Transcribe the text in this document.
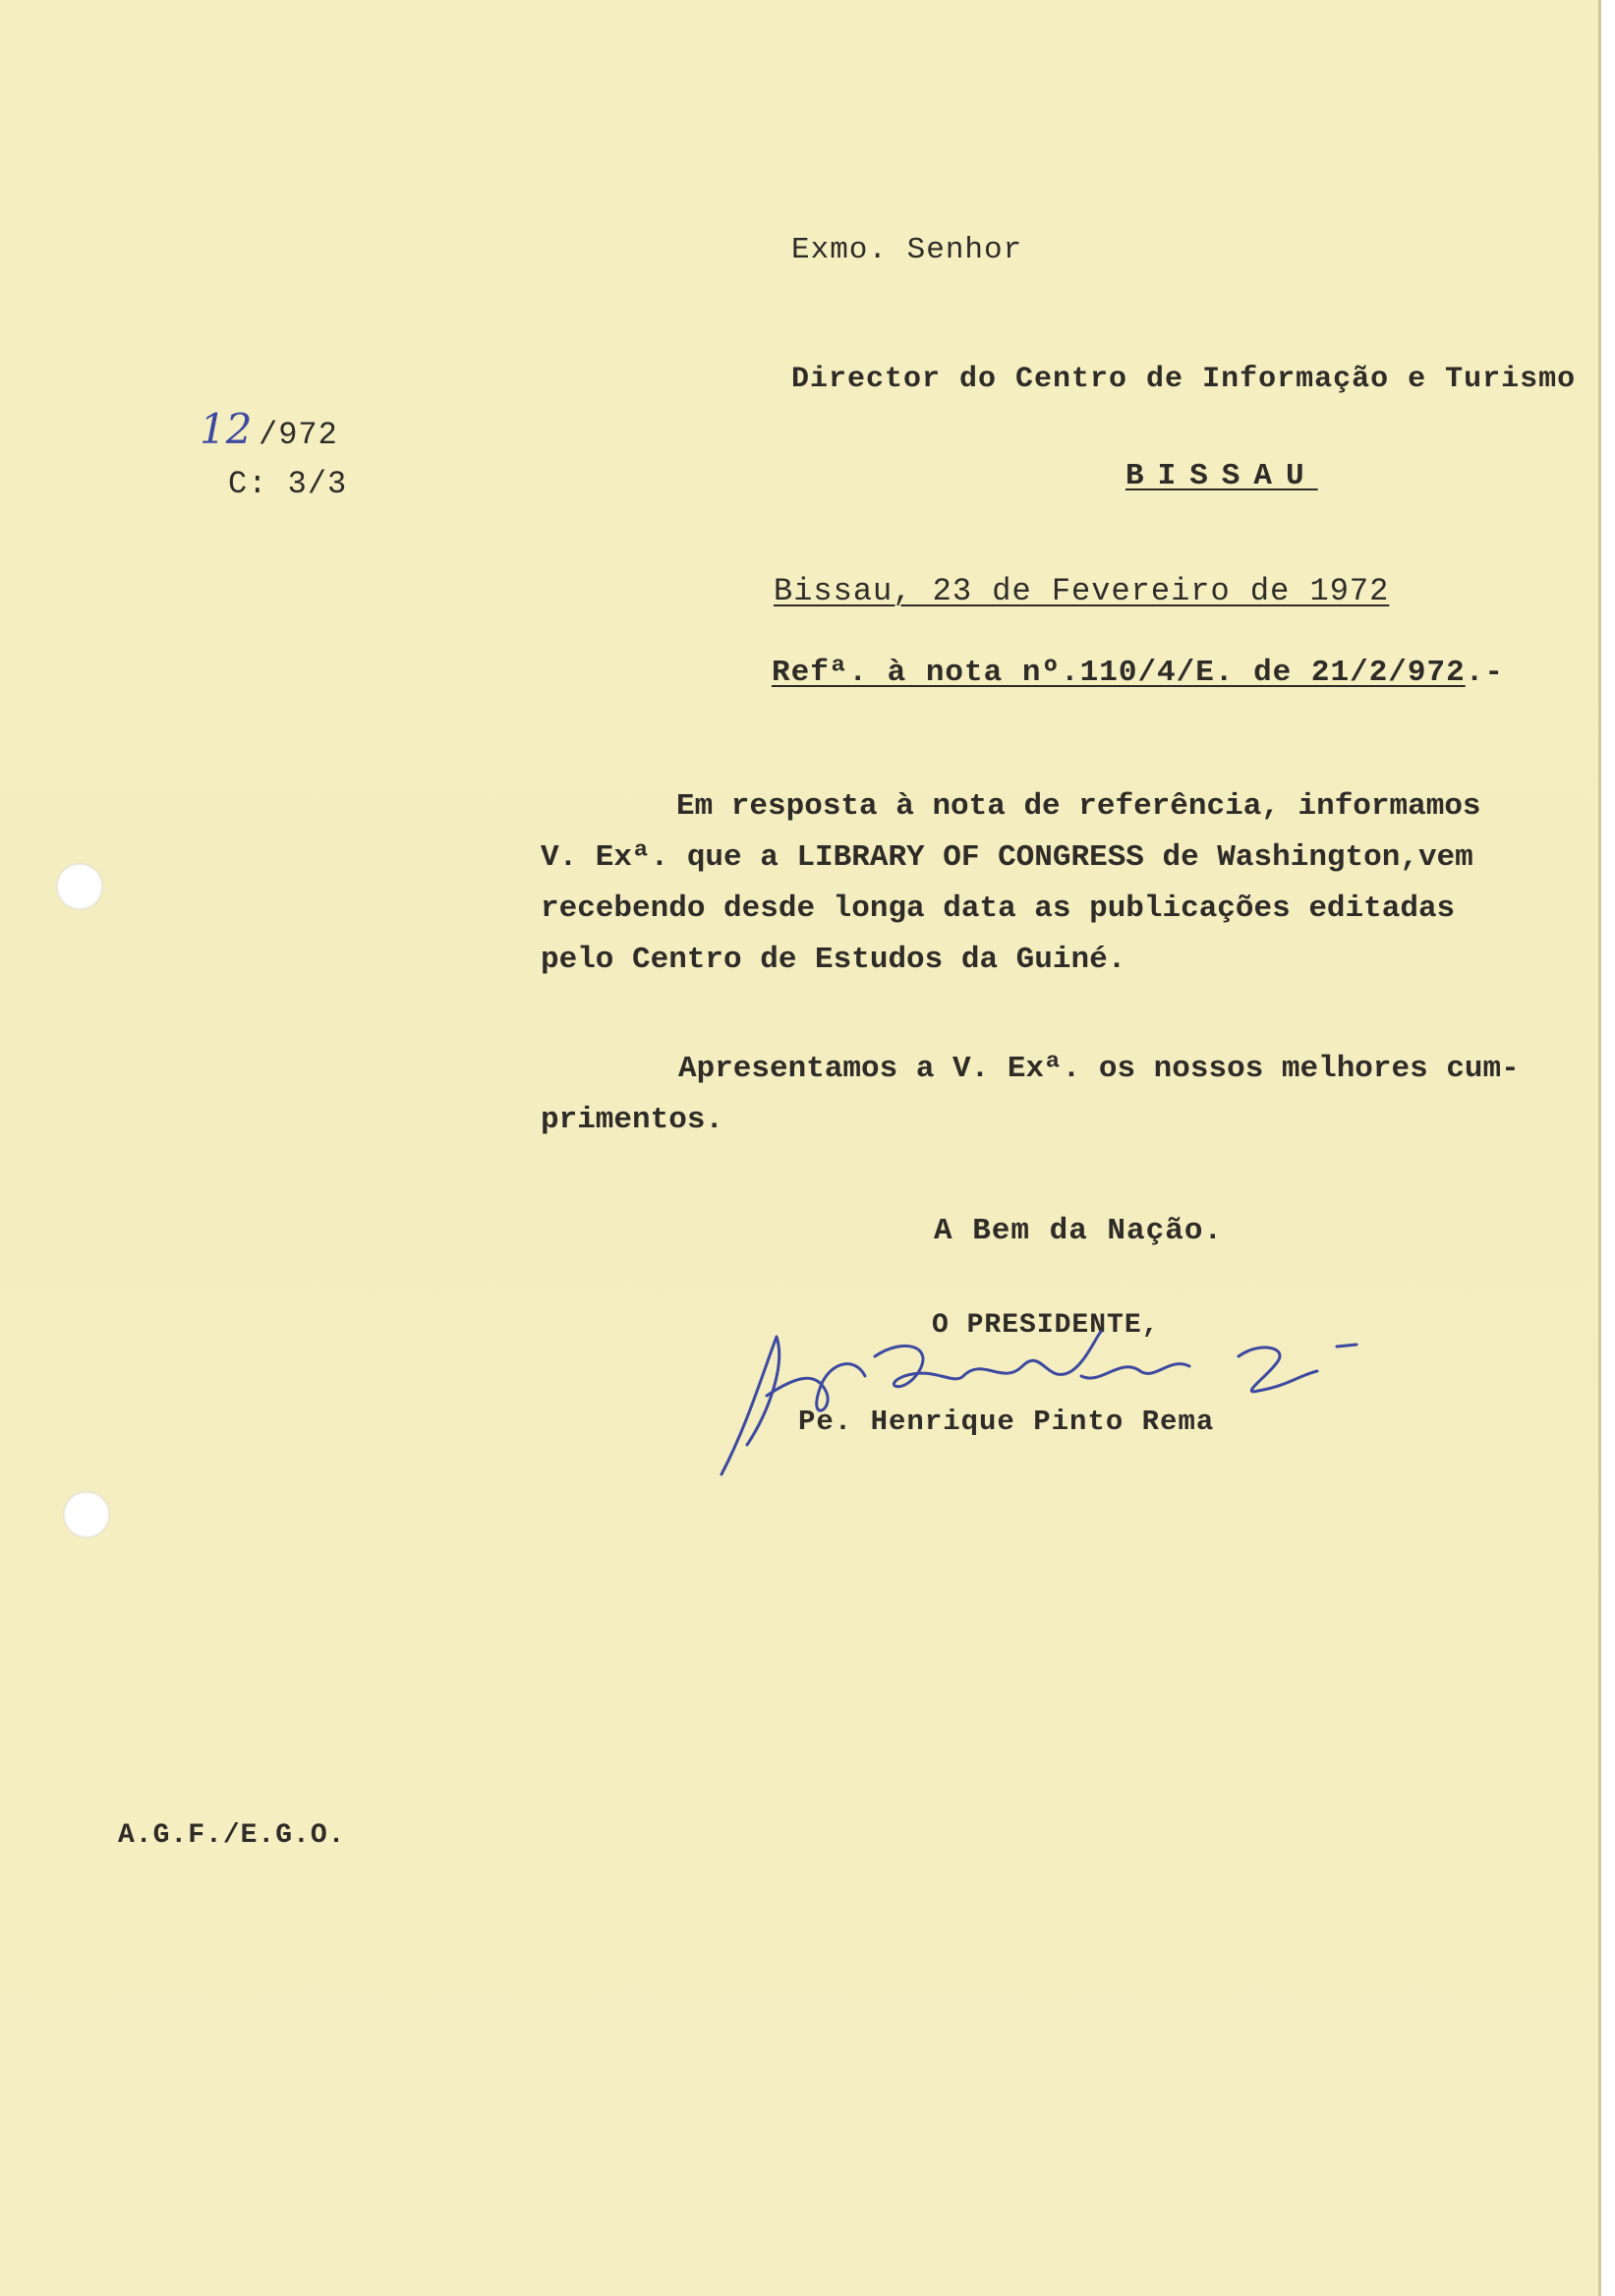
12 /972
C: 3/3
Exmo. Senhor
Director do Centro de Informação e Turismo
BISSAU
Bissau, 23 de Fevereiro de 1972
Refª. à nota nº.110/4/E. de 21/2/972.-
Em resposta à nota de referência, informamos
V. Exª. que a LIBRARY OF CONGRESS de Washington,vem
recebendo desde longa data as publicações editadas
pelo Centro de Estudos da Guiné.
Apresentamos a V. Exª. os nossos melhores cum-
primentos.
A Bem da Nação.
O PRESIDENTE,
Pe. Henrique Pinto Rema
A.G.F./E.G.O.
